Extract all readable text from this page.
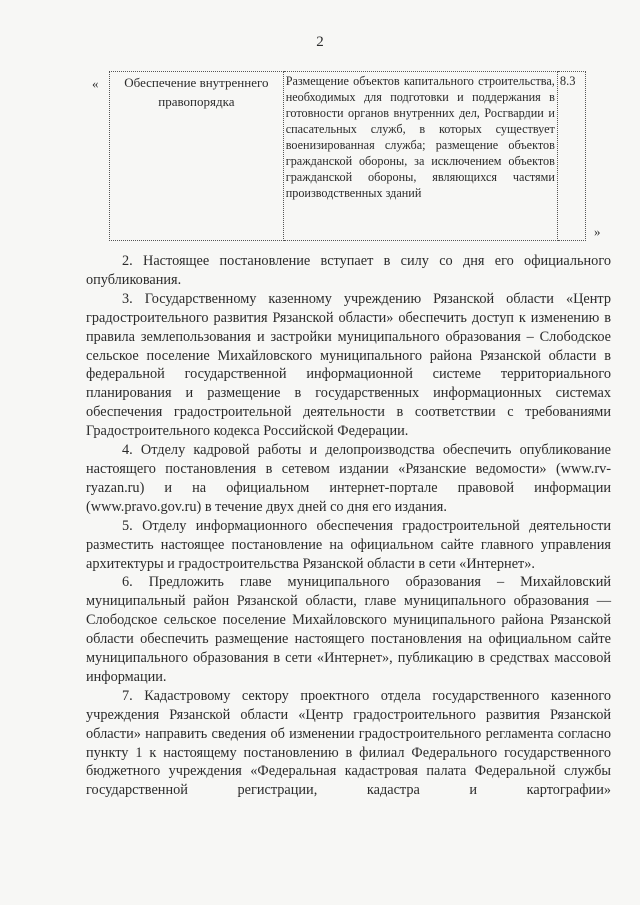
2
« Обеспечение внутреннего правопорядка	Размещение объектов капитального строительства, необходимых для подготовки и поддержания в готовности органов внутренних дел, Росгвардии и спасательных служб, в которых существует военизированная служба; размещение объектов гражданской обороны, за исключением объектов гражданской обороны, являющихся частями производственных зданий	8.3
»

2. Настоящее постановление вступает в силу со дня его официального опубликования.

3. Государственному казенному учреждению Рязанской области «Центр градостроительного развития Рязанской области» обеспечить доступ к изменению в правила землепользования и застройки муниципального образования – Слободское сельское поселение Михайловского муниципального района Рязанской области в федеральной государственной информационной системе территориального планирования и размещение в государственных информационных системах обеспечения градостроительной деятельности в соответствии с требованиями Градостроительного кодекса Российской Федерации.

4. Отделу кадровой работы и делопроизводства обеспечить опубликование настоящего постановления в сетевом издании «Рязанские ведомости» (www.rv-ryazan.ru) и на официальном интернет-портале правовой информации (www.pravo.gov.ru) в течение двух дней со дня его издания.

5. Отделу информационного обеспечения градостроительной деятельности разместить настоящее постановление на официальном сайте главного управления архитектуры и градостроительства Рязанской области в сети «Интернет».

6. Предложить главе муниципального образования – Михайловский муниципальный район Рязанской области, главе муниципального образования — Слободское сельское поселение Михайловского муниципального района Рязанской области обеспечить размещение настоящего постановления на официальном сайте муниципального образования в сети «Интернет», публикацию в средствах массовой информации.

7. Кадастровому сектору проектного отдела государственного казенного учреждения Рязанской области «Центр градостроительного развития Рязанской области» направить сведения об изменении градостроительного регламента согласно пункту 1 к настоящему постановлению в филиал Федерального государственного бюджетного учреждения «Федеральная кадастровая палата Федеральной службы государственной регистрации, кадастра и картографии»
